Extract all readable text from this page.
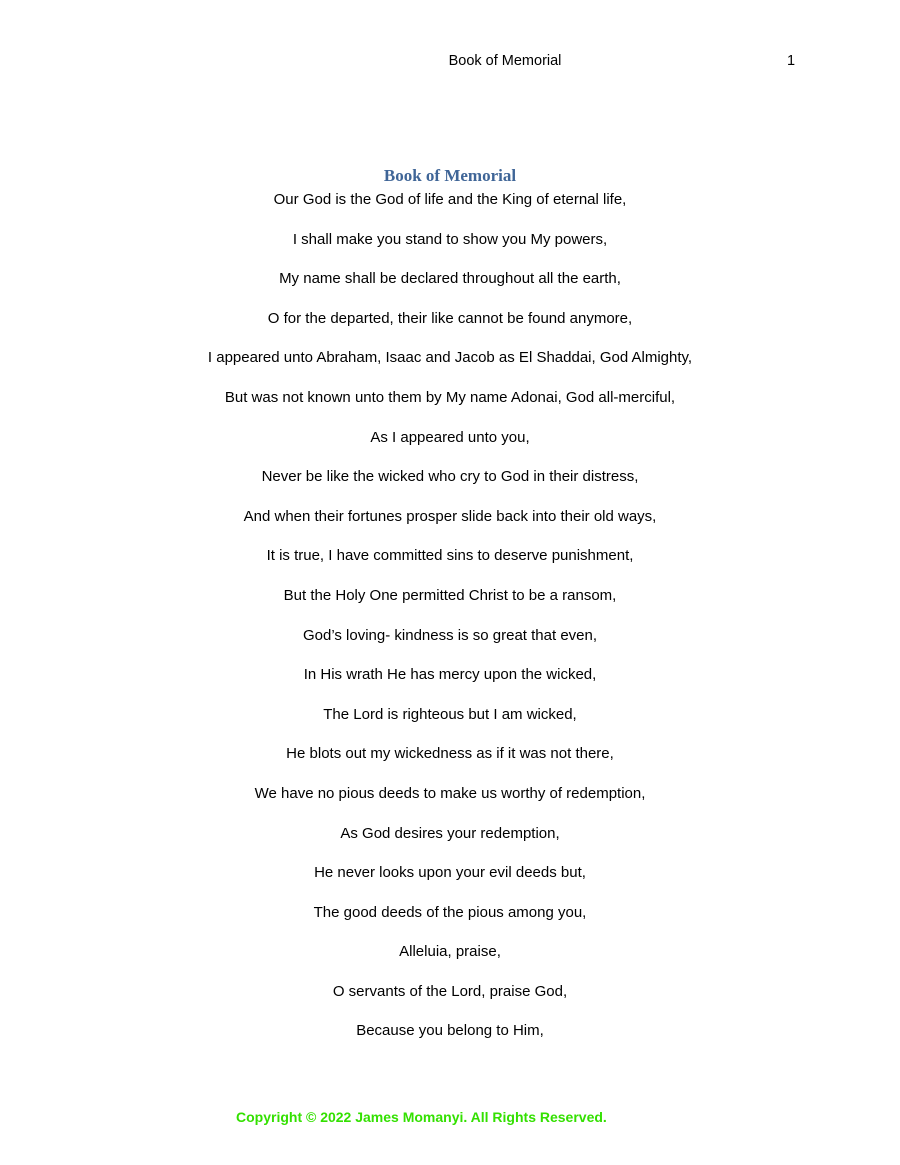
Book of Memorial	1
Book of Memorial
Our God is the God of life and the King of eternal life,
I shall make you stand to show you My powers,
My name shall be declared throughout all the earth,
O for the departed, their like cannot be found anymore,
I appeared unto Abraham, Isaac and Jacob as El Shaddai, God Almighty,
But was not known unto them by My name Adonai, God all-merciful,
As I appeared unto you,
Never be like the wicked who cry to God in their distress,
And when their fortunes prosper slide back into their old ways,
It is true, I have committed sins to deserve punishment,
But the Holy One permitted Christ to be a ransom,
God’s loving- kindness is so great that even,
In His wrath He has mercy upon the wicked,
The Lord is righteous but I am wicked,
He blots out my wickedness as if it was not there,
We have no pious deeds to make us worthy of redemption,
As God desires your redemption,
He never looks upon your evil deeds but,
The good deeds of the pious among you,
Alleluia, praise,
O servants of the Lord, praise God,
Because you belong to Him,
Copyright © 2022 James Momanyi. All Rights Reserved.
